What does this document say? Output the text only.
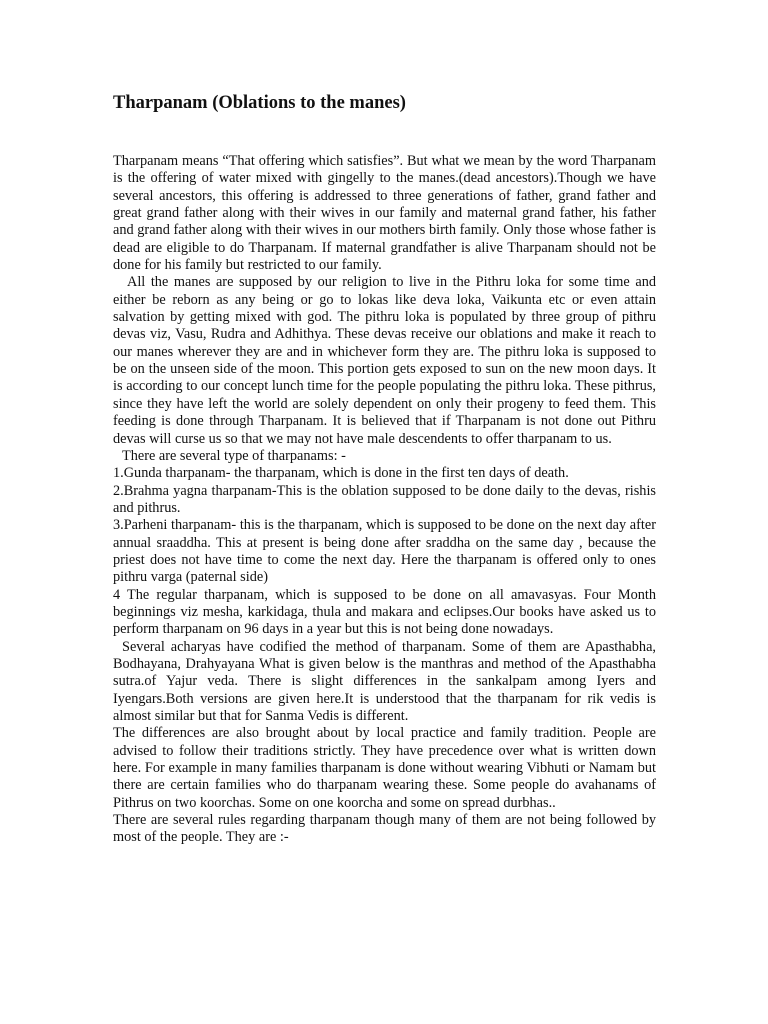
Tharpanam (Oblations to the manes)

Tharpanam means “That offering which satisfies”. But what we mean by the word Tharpanam is the offering of water mixed with gingelly to the manes.(dead ancestors).Though we have several ancestors, this offering is addressed to three generations of father, grand father and great grand father along with their wives in our family and maternal grand father, his father and grand father along with their wives in our mothers birth family. Only those whose father is dead are eligible to do Tharpanam. If maternal grandfather is alive Tharpanam should not be done for his family but restricted to our family.

All the manes are supposed by our religion to live in the Pithru loka for some time and either be reborn as any being or go to lokas like deva loka, Vaikunta etc or even attain salvation by getting mixed with god. The pithru loka is populated by three group of pithru devas viz, Vasu, Rudra and Adhithya. These devas receive our oblations and make it reach to our manes wherever they are and in whichever form they are. The pithru loka is supposed to be on the unseen side of the moon. This portion gets exposed to sun on the new moon days. It is according to our concept lunch time for the people populating the pithru loka. These pithrus, since they have left the world are solely dependent on only their progeny to feed them. This feeding is done through Tharpanam. It is believed that if Tharpanam is not done out Pithru devas will curse us so that we may not have male descendents to offer tharpanam to us.

There are several type of tharpanams: -

1.Gunda tharpanam- the tharpanam, which is done in the first ten days of death.

2.Brahma yagna tharpanam-This is the oblation supposed to be done daily to the devas, rishis and pithrus.

3.Parheni tharpanam- this is the tharpanam, which is supposed to be done on the next day after annual sraaddha. This at present is being done after sraddha on the same day , because the priest does not have time to come the next day. Here the tharpanam is offered only to ones pithru varga (paternal side)

4 The regular tharpanam, which is supposed to be done on all amavasyas. Four Month beginnings viz mesha, karkidaga, thula and makara and eclipses.Our books have asked us to perform tharpanam on 96 days in a year but this is not being done nowadays.

Several acharyas have codified the method of tharpanam. Some of them are Apasthabha, Bodhayana, Drahyayana What is given below is the manthras and method of the Apasthabha sutra.of Yajur veda. There is slight differences in the sankalpam among Iyers and Iyengars.Both versions are given here.It is understood that the tharpanam for rik vedis is almost similar but that for Sanma Vedis is different.

The differences are also brought about by local practice and family tradition. People are advised to follow their traditions strictly. They have precedence over what is written down here. For example in many families tharpanam is done without wearing Vibhuti or Namam but there are certain families who do tharpanam wearing these. Some people do avahanams of Pithrus on two koorchas. Some on one koorcha and some on spread durbhas..

There are several rules regarding tharpanam though many of them are not being followed by most of the people. They are :-
